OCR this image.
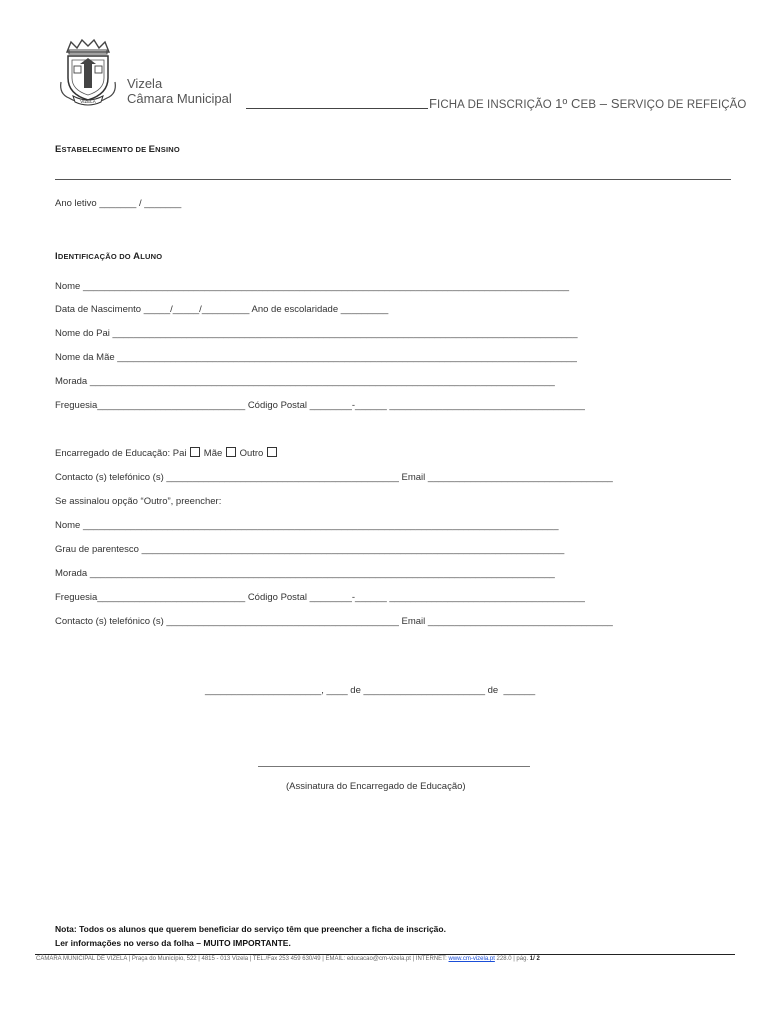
VIZELA
Vizela
Câmara Municipal	FICHA DE INSCRIÇÃO 1º CEB – SERVIÇO DE REFEIÇÃO
ESTABELECIMENTO DE ENSINO
Ano letivo _______ / _______
IDENTIFICAÇÃO DO ALUNO
Nome ____________________________________________________________________________________________
Data de Nascimento _____/_____/_________ Ano de escolaridade _________
Nome do Pai ________________________________________________________________________________________
Nome da Mãe _______________________________________________________________________________________
Morada ________________________________________________________________________________________
Freguesia____________________________ Código Postal ________-______ _____________________________________
Encarregado de Educação: Pai Mãe Outro
Contacto (s) telefónico (s) ____________________________________________ Email ___________________________________
Se assinalou opção “Outro”, preencher:
Nome __________________________________________________________________________________________
Grau de parentesco ________________________________________________________________________________
Morada ________________________________________________________________________________________
Freguesia____________________________ Código Postal ________-______ _____________________________________
Contacto (s) telefónico (s) ____________________________________________ Email ___________________________________
______________________, ____ de _______________________ de  ______
(Assinatura do Encarregado de Educação)
Nota: Todos os alunos que querem beneficiar do serviço têm que preencher a ficha de inscrição.
Ler informações no verso da folha – MUITO IMPORTANTE.
CÂMARA MUNICIPAL DE VIZELA | Praça do Município, 522 | 4815 - 013 Vizela | TEL./Fax 253 459 630/49 | EMAIL: educacao@cm-vizela.pt | INTERNET: www.cm-vizela.pt 228.0 | pág. 1/ 2
